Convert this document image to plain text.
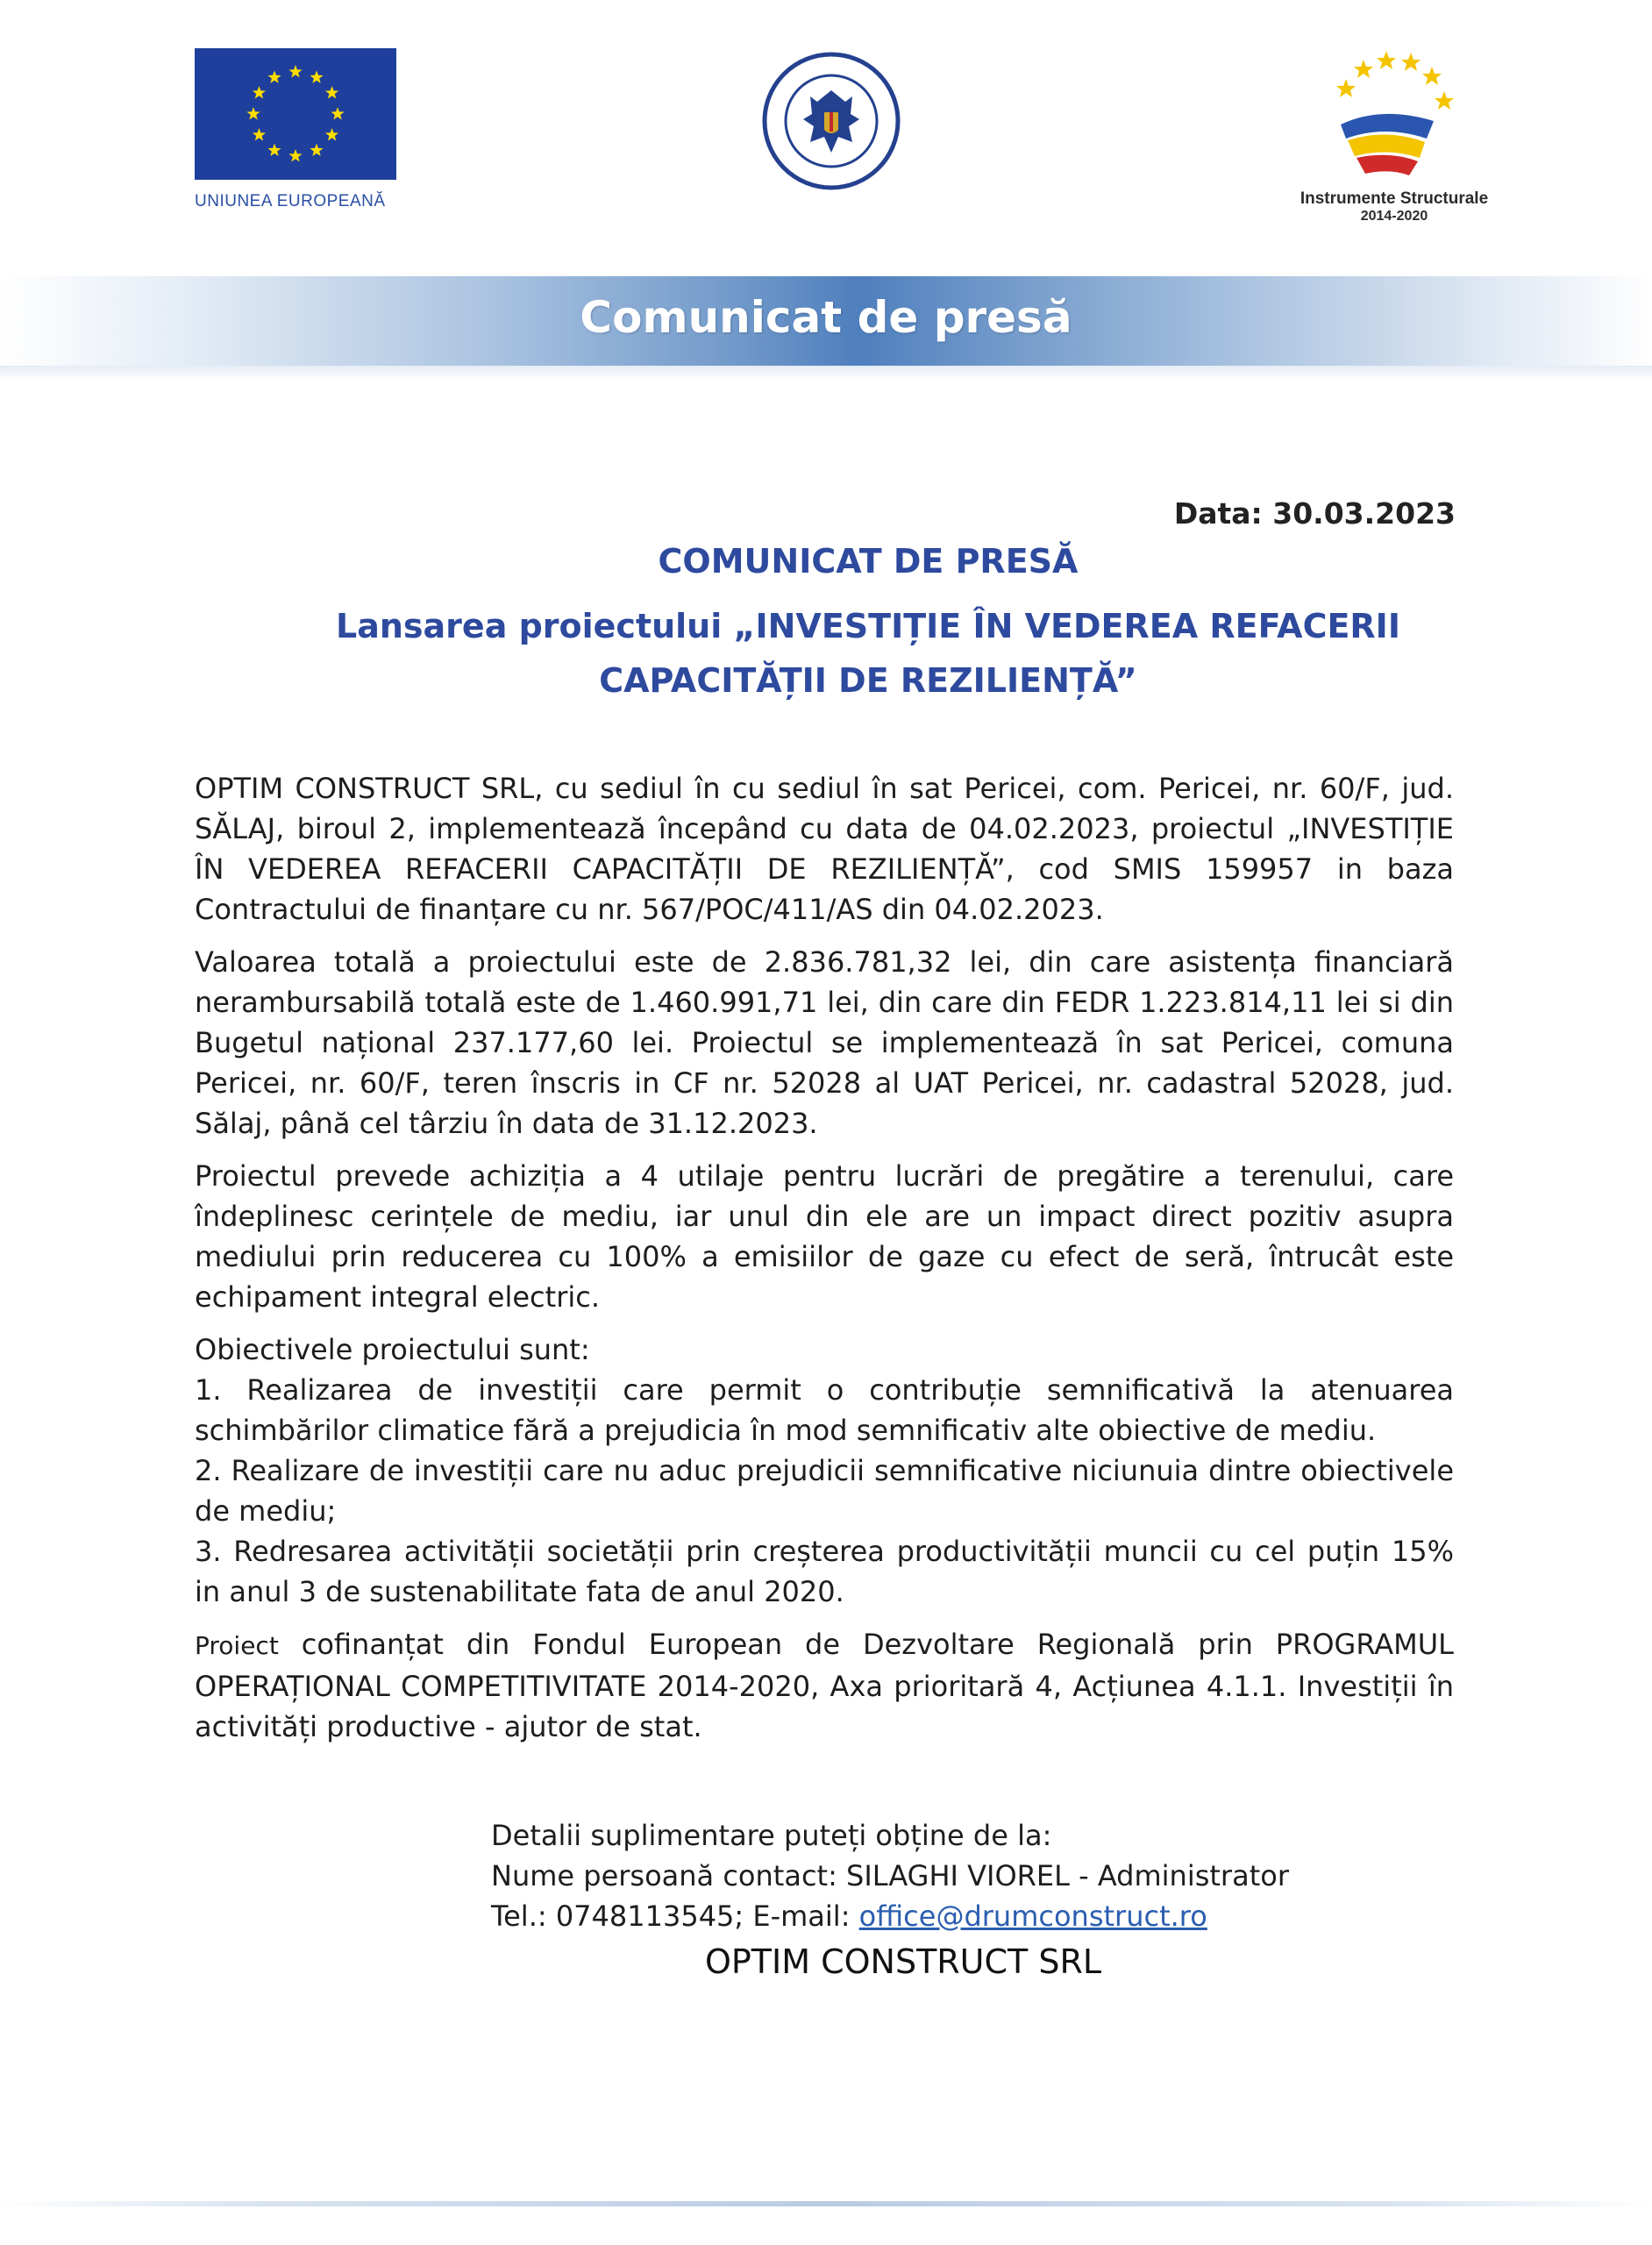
UNIUNEA EUROPEANĂ	Instrumente Structurale
2014-2020
Comunicat de presă
Data: 30.03.2023
COMUNICAT DE PRESĂ
Lansarea proiectului „INVESTIȚIE ÎN VEDEREA REFACERII
CAPACITĂȚII DE REZILIENȚĂ”

OPTIM CONSTRUCT SRL, cu sediul în cu sediul în sat Pericei, com. Pericei, nr. 60/F, jud. SĂLAJ, biroul 2, implementează începând cu data de 04.02.2023, proiectul „INVESTIȚIE ÎN VEDEREA REFACERII CAPACITĂȚII DE REZILIENȚĂ”, cod SMIS 159957 in baza Contractului de finanțare cu nr. 567/POC/411/AS din 04.02.2023.

Valoarea totală a proiectului este de 2.836.781,32 lei, din care asistența financiară nerambursabilă totală este de 1.460.991,71 lei, din care din FEDR 1.223.814,11 lei si din Bugetul național 237.177,60 lei. Proiectul se implementează în sat Pericei, comuna Pericei, nr. 60/F, teren înscris in CF nr. 52028 al UAT Pericei, nr. cadastral 52028, jud. Sălaj, până cel târziu în data de 31.12.2023.

Proiectul prevede achiziția a 4 utilaje pentru lucrări de pregătire a terenului, care îndeplinesc cerințele de mediu, iar unul din ele are un impact direct pozitiv asupra mediului prin reducerea cu 100% a emisiilor de gaze cu efect de seră, întrucât este echipament integral electric.

Obiectivele proiectului sunt:
1. Realizarea de investiții care permit o contribuție semnificativă la atenuarea schimbărilor climatice fără a prejudicia în mod semnificativ alte obiective de mediu.
2. Realizare de investiții care nu aduc prejudicii semnificative niciunuia dintre obiectivele de mediu;
3. Redresarea activității societății prin creșterea productivității muncii cu cel puțin 15% in anul 3 de sustenabilitate fata de anul 2020.

Proiect cofinanțat din Fondul European de Dezvoltare Regională prin PROGRAMUL OPERAȚIONAL COMPETITIVITATE 2014-2020, Axa prioritară 4, Acțiunea 4.1.1. Investiții în activități productive - ajutor de stat.

Detalii suplimentare puteți obține de la:
Nume persoană contact: SILAGHI VIOREL - Administrator
Tel.: 0748113545; E-mail: office@drumconstruct.ro
OPTIM CONSTRUCT SRL
